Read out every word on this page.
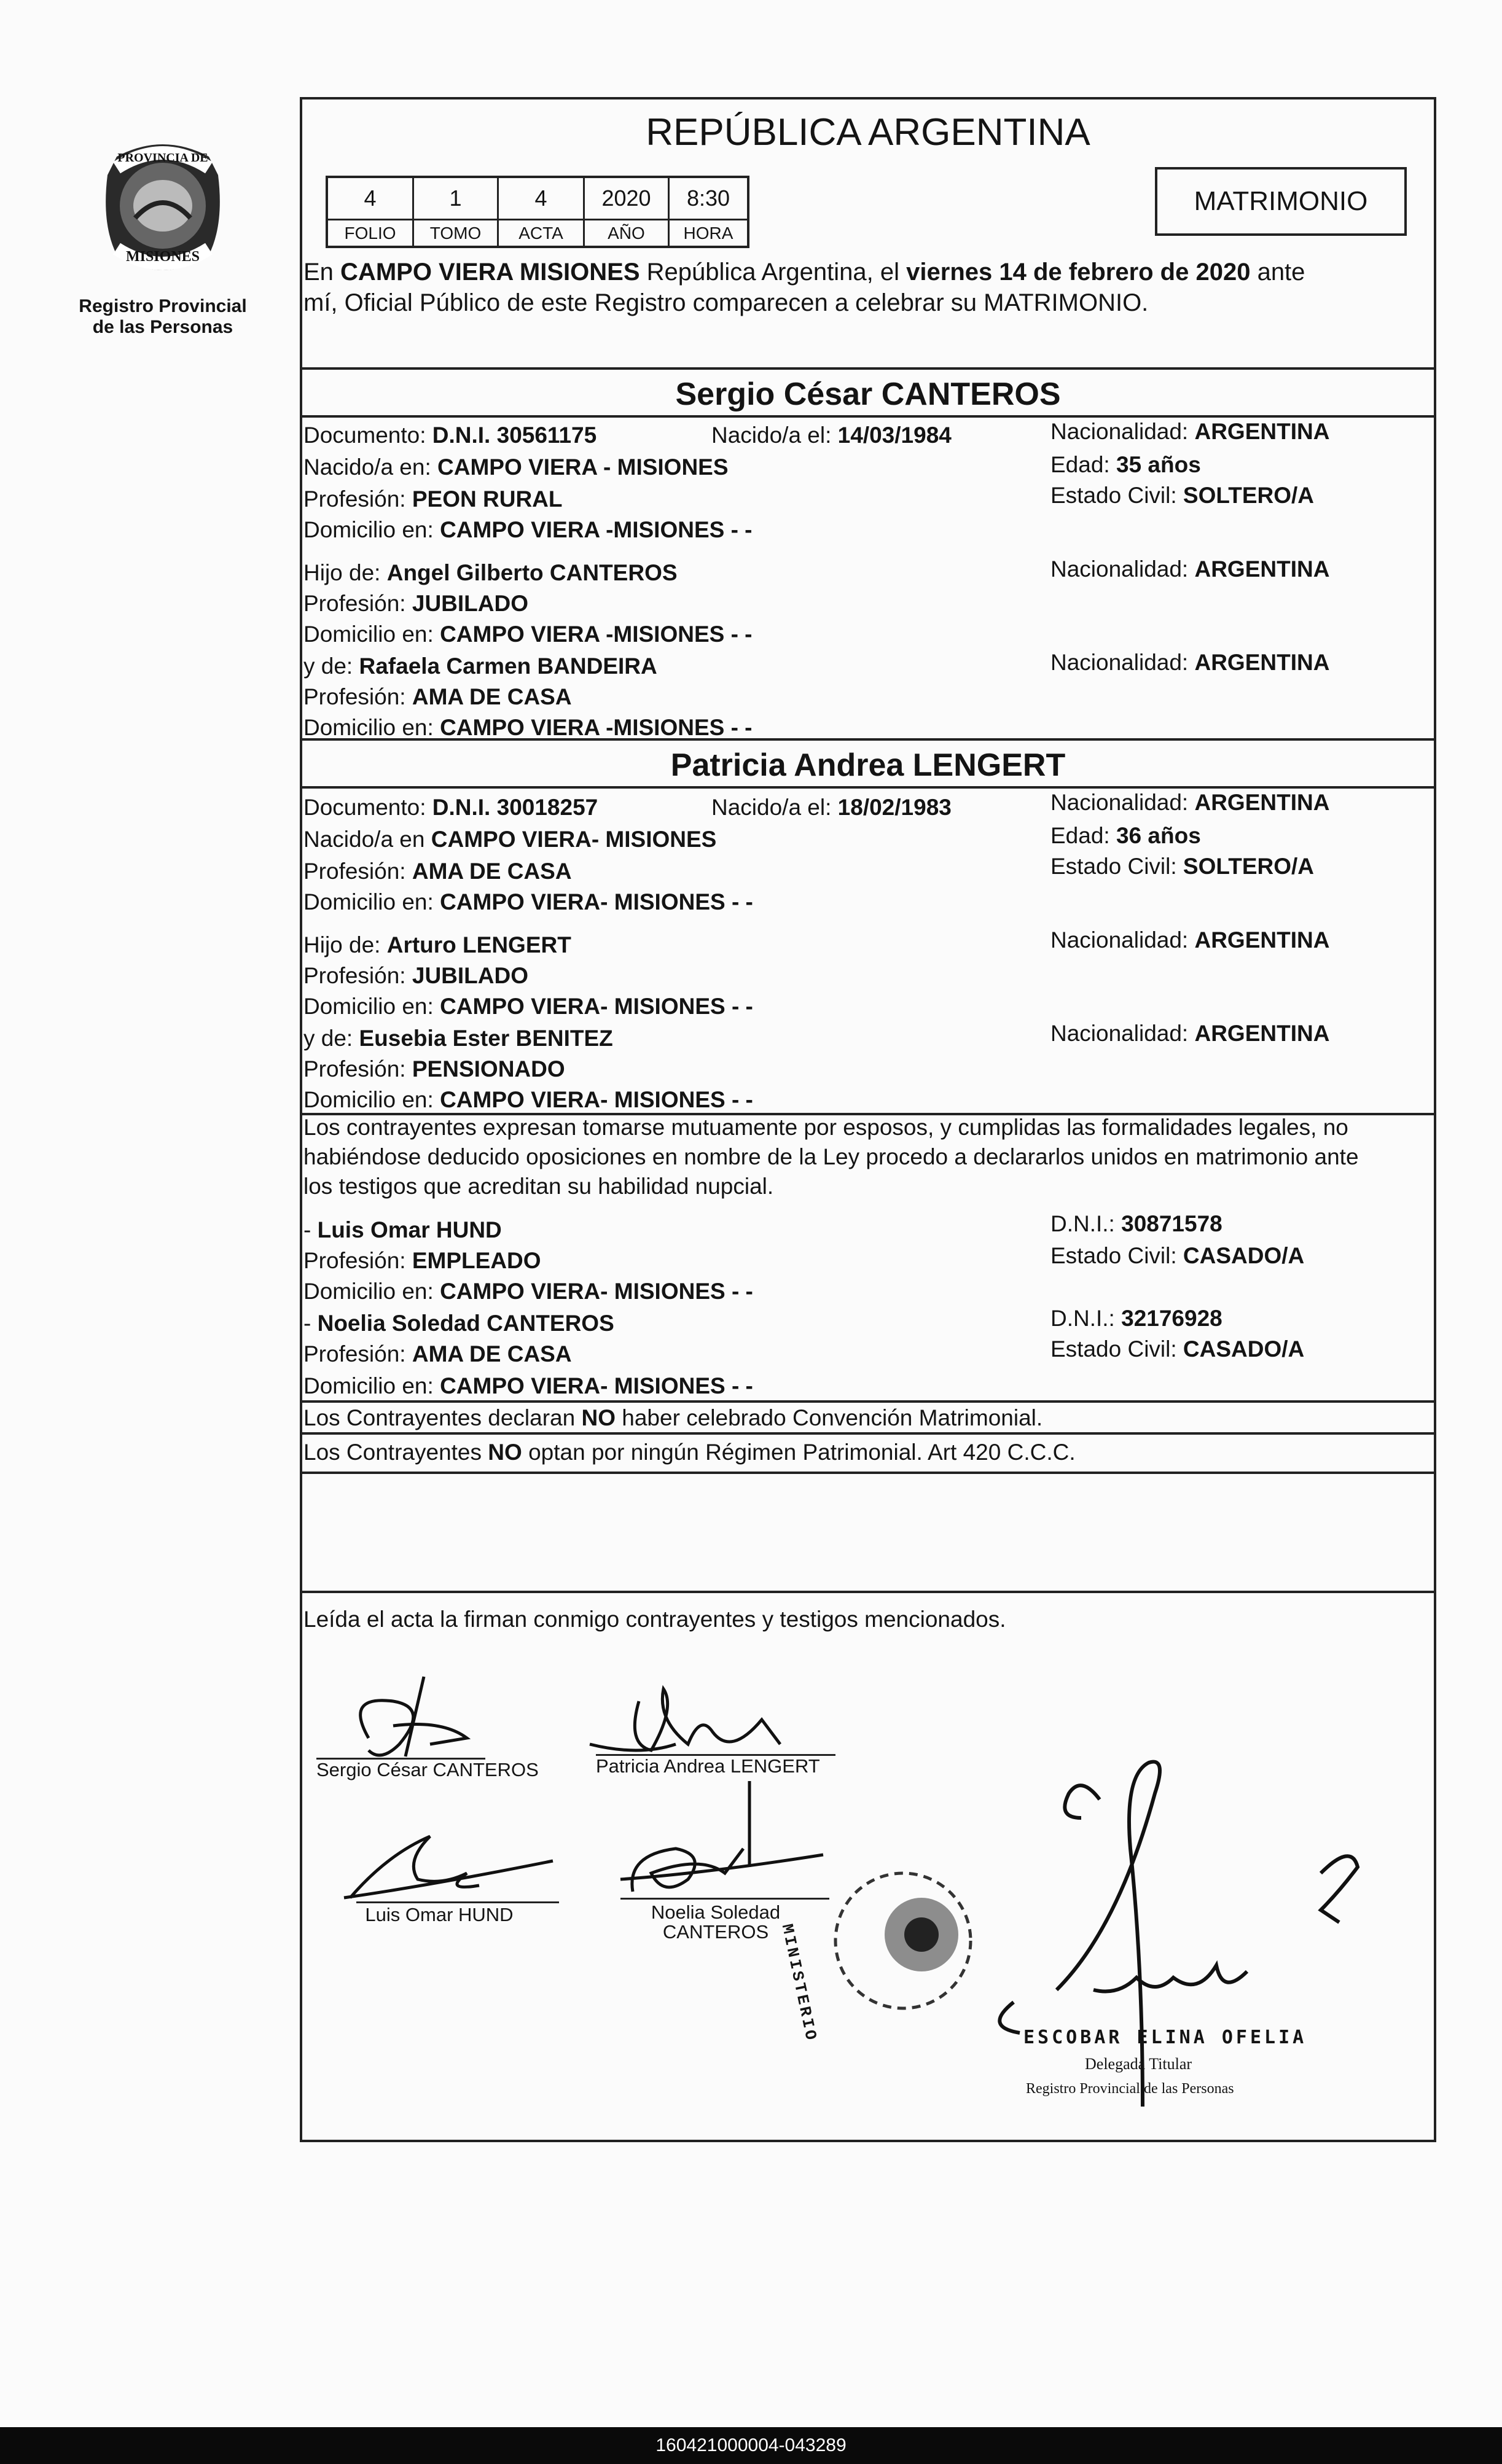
PROVINCIA DE
MISIONES
Registro Provincial
de las Personas
REPÚBLICA ARGENTINA
4	1	4	2020	8:30
FOLIO	TOMO	ACTA	AÑO	HORA
MATRIMONIO
En CAMPO VIERA MISIONES República Argentina, el viernes 14 de febrero de 2020 ante
mí, Oficial Público de este Registro comparecen a celebrar su MATRIMONIO.
Sergio César CANTEROS
Documento: D.N.I. 30561175	Nacido/a el: 14/03/1984	Nacionalidad: ARGENTINA
Nacido/a en: CAMPO VIERA - MISIONES	Edad: 35 años
Profesión: PEON RURAL	Estado Civil: SOLTERO/A
Domicilio en: CAMPO VIERA -MISIONES - -
Hijo de: Angel Gilberto CANTEROS	Nacionalidad: ARGENTINA
Profesión: JUBILADO
Domicilio en: CAMPO VIERA -MISIONES - -
y de: Rafaela Carmen BANDEIRA	Nacionalidad: ARGENTINA
Profesión: AMA DE CASA
Domicilio en: CAMPO VIERA -MISIONES - -
Patricia Andrea LENGERT
Documento: D.N.I. 30018257	Nacido/a el: 18/02/1983	Nacionalidad: ARGENTINA
Nacido/a en CAMPO VIERA- MISIONES	Edad: 36 años
Profesión: AMA DE CASA	Estado Civil: SOLTERO/A
Domicilio en: CAMPO VIERA- MISIONES - -
Hijo de: Arturo LENGERT	Nacionalidad: ARGENTINA
Profesión: JUBILADO
Domicilio en: CAMPO VIERA- MISIONES - -
y de: Eusebia Ester BENITEZ	Nacionalidad: ARGENTINA
Profesión: PENSIONADO
Domicilio en: CAMPO VIERA- MISIONES - -
Los contrayentes expresan tomarse mutuamente por esposos, y cumplidas las formalidades legales, no
habiéndose deducido oposiciones en nombre de la Ley procedo a declararlos unidos en matrimonio ante
los testigos que acreditan su habilidad nupcial.
- Luis Omar HUND	D.N.I.: 30871578
Profesión: EMPLEADO	Estado Civil: CASADO/A
Domicilio en: CAMPO VIERA- MISIONES - -
- Noelia Soledad CANTEROS	D.N.I.: 32176928
Profesión: AMA DE CASA	Estado Civil: CASADO/A
Domicilio en: CAMPO VIERA- MISIONES - -
Los Contrayentes declaran NO haber celebrado Convención Matrimonial.
Los Contrayentes NO optan por ningún Régimen Patrimonial. Art 420 C.C.C.
Leída el acta la firman conmigo contrayentes y testigos mencionados.
Sergio César CANTEROS	Patricia Andrea LENGERT
Luis Omar HUND	Noelia Soledad
CANTEROS MINISTERIO	ESCOBAR ELINA OFELIA
Delegada Titular
Registro Provincial de las Personas
160421000004-043289
